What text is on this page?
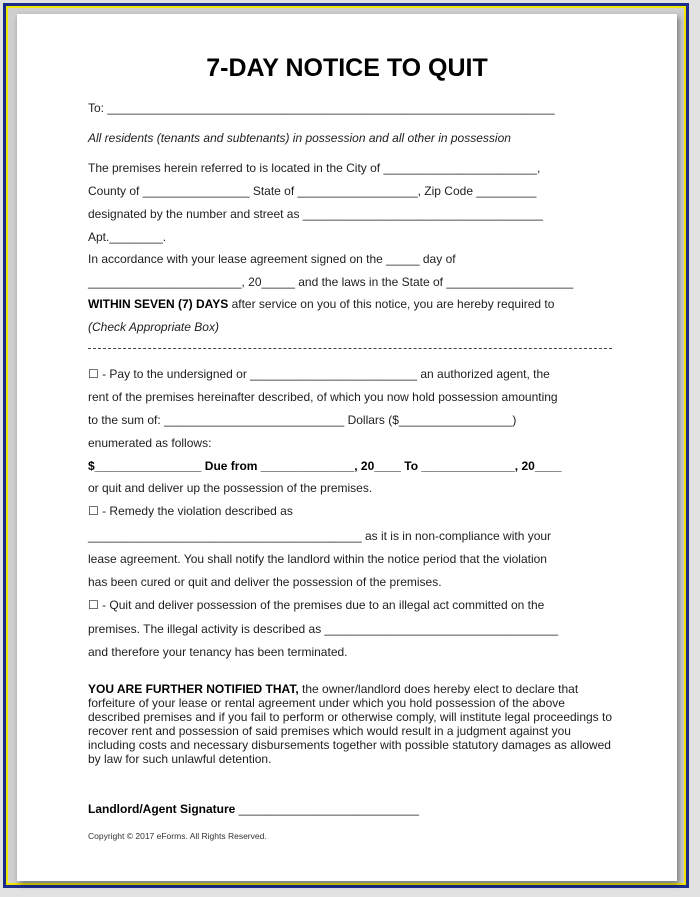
7-DAY NOTICE TO QUIT
To: ___________________________________________________________________
All residents (tenants and subtenants) in possession and all other in possession
The premises herein referred to is located in the City of _______________________,
County of ________________ State of __________________, Zip Code _________
designated by the number and street as ____________________________________
Apt.________.
In accordance with your lease agreement signed on the _____ day of
_______________________, 20_____ and the laws in the State of ___________________
WITHIN SEVEN (7) DAYS after service on you of this notice, you are hereby required to
(Check Appropriate Box)
☐ - Pay to the undersigned or _________________________ an authorized agent, the
rent of the premises hereinafter described, of which you now hold possession amounting
to the sum of: ___________________________ Dollars ($_________________)
enumerated as follows:
$________________ Due from ______________, 20____ To ______________, 20____
or quit and deliver up the possession of the premises.
☐ - Remedy the violation described as
_________________________________________ as it is in non-compliance with your
lease agreement. You shall notify the landlord within the notice period that the violation
has been cured or quit and deliver the possession of the premises.
☐ - Quit and deliver possession of the premises due to an illegal act committed on the
premises. The illegal activity is described as ___________________________________
and therefore your tenancy has been terminated.
YOU ARE FURTHER NOTIFIED THAT, the owner/landlord does hereby elect to declare that forfeiture of your lease or rental agreement under which you hold possession of the above described premises and if you fail to perform or otherwise comply, will institute legal proceedings to recover rent and possession of said premises which would result in a judgment against you including costs and necessary disbursements together with possible statutory damages as allowed by law for such unlawful detention.
Landlord/Agent Signature ___________________________
Copyright © 2017 eForms. All Rights Reserved.
